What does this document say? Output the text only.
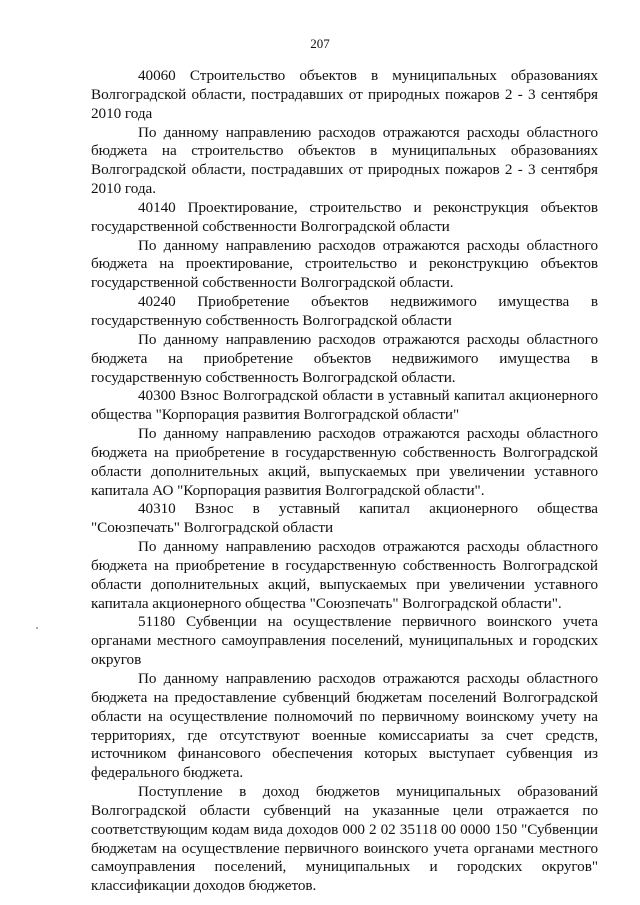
207

40060 Строительство объектов в муниципальных образованиях Волгоградской области, пострадавших от природных пожаров 2 - 3 сентября 2010 года

По данному направлению расходов отражаются расходы областного бюджета на строительство объектов в муниципальных образованиях Волгоградской области, пострадавших от природных пожаров 2 - 3 сентября 2010 года.

40140 Проектирование, строительство и реконструкция объектов государственной собственности Волгоградской области

По данному направлению расходов отражаются расходы областного бюджета на проектирование, строительство и реконструкцию объектов государственной собственности Волгоградской области.

40240 Приобретение объектов недвижимого имущества в государственную собственность Волгоградской области

По данному направлению расходов отражаются расходы областного бюджета на приобретение объектов недвижимого имущества в государственную собственность Волгоградской области.

40300 Взнос Волгоградской области в уставный капитал акционерного общества "Корпорация развития Волгоградской области"

По данному направлению расходов отражаются расходы областного бюджета на приобретение в государственную собственность Волгоградской области дополнительных акций, выпускаемых при увеличении уставного капитала АО "Корпорация развития Волгоградской области".

40310 Взнос в уставный капитал акционерного общества "Союзпечать" Волгоградской области

По данному направлению расходов отражаются расходы областного бюджета на приобретение в государственную собственность Волгоградской области дополнительных акций, выпускаемых при увеличении уставного капитала акционерного общества "Союзпечать" Волгоградской области".

51180 Субвенции на осуществление первичного воинского учета органами местного самоуправления поселений, муниципальных и городских округов

По данному направлению расходов отражаются расходы областного бюджета на предоставление субвенций бюджетам поселений Волгоградской области на осуществление полномочий по первичному воинскому учету на территориях, где отсутствуют военные комиссариаты за счет средств, источником финансового обеспечения которых выступает субвенция из федерального бюджета.

Поступление в доход бюджетов муниципальных образований Волгоградской области субвенций на указанные цели отражается по соответствующим кодам вида доходов 000 2 02 35118 00 0000 150 "Субвенции бюджетам на осуществление первичного воинского учета органами местного самоуправления поселений, муниципальных и городских округов" классификации доходов бюджетов.
